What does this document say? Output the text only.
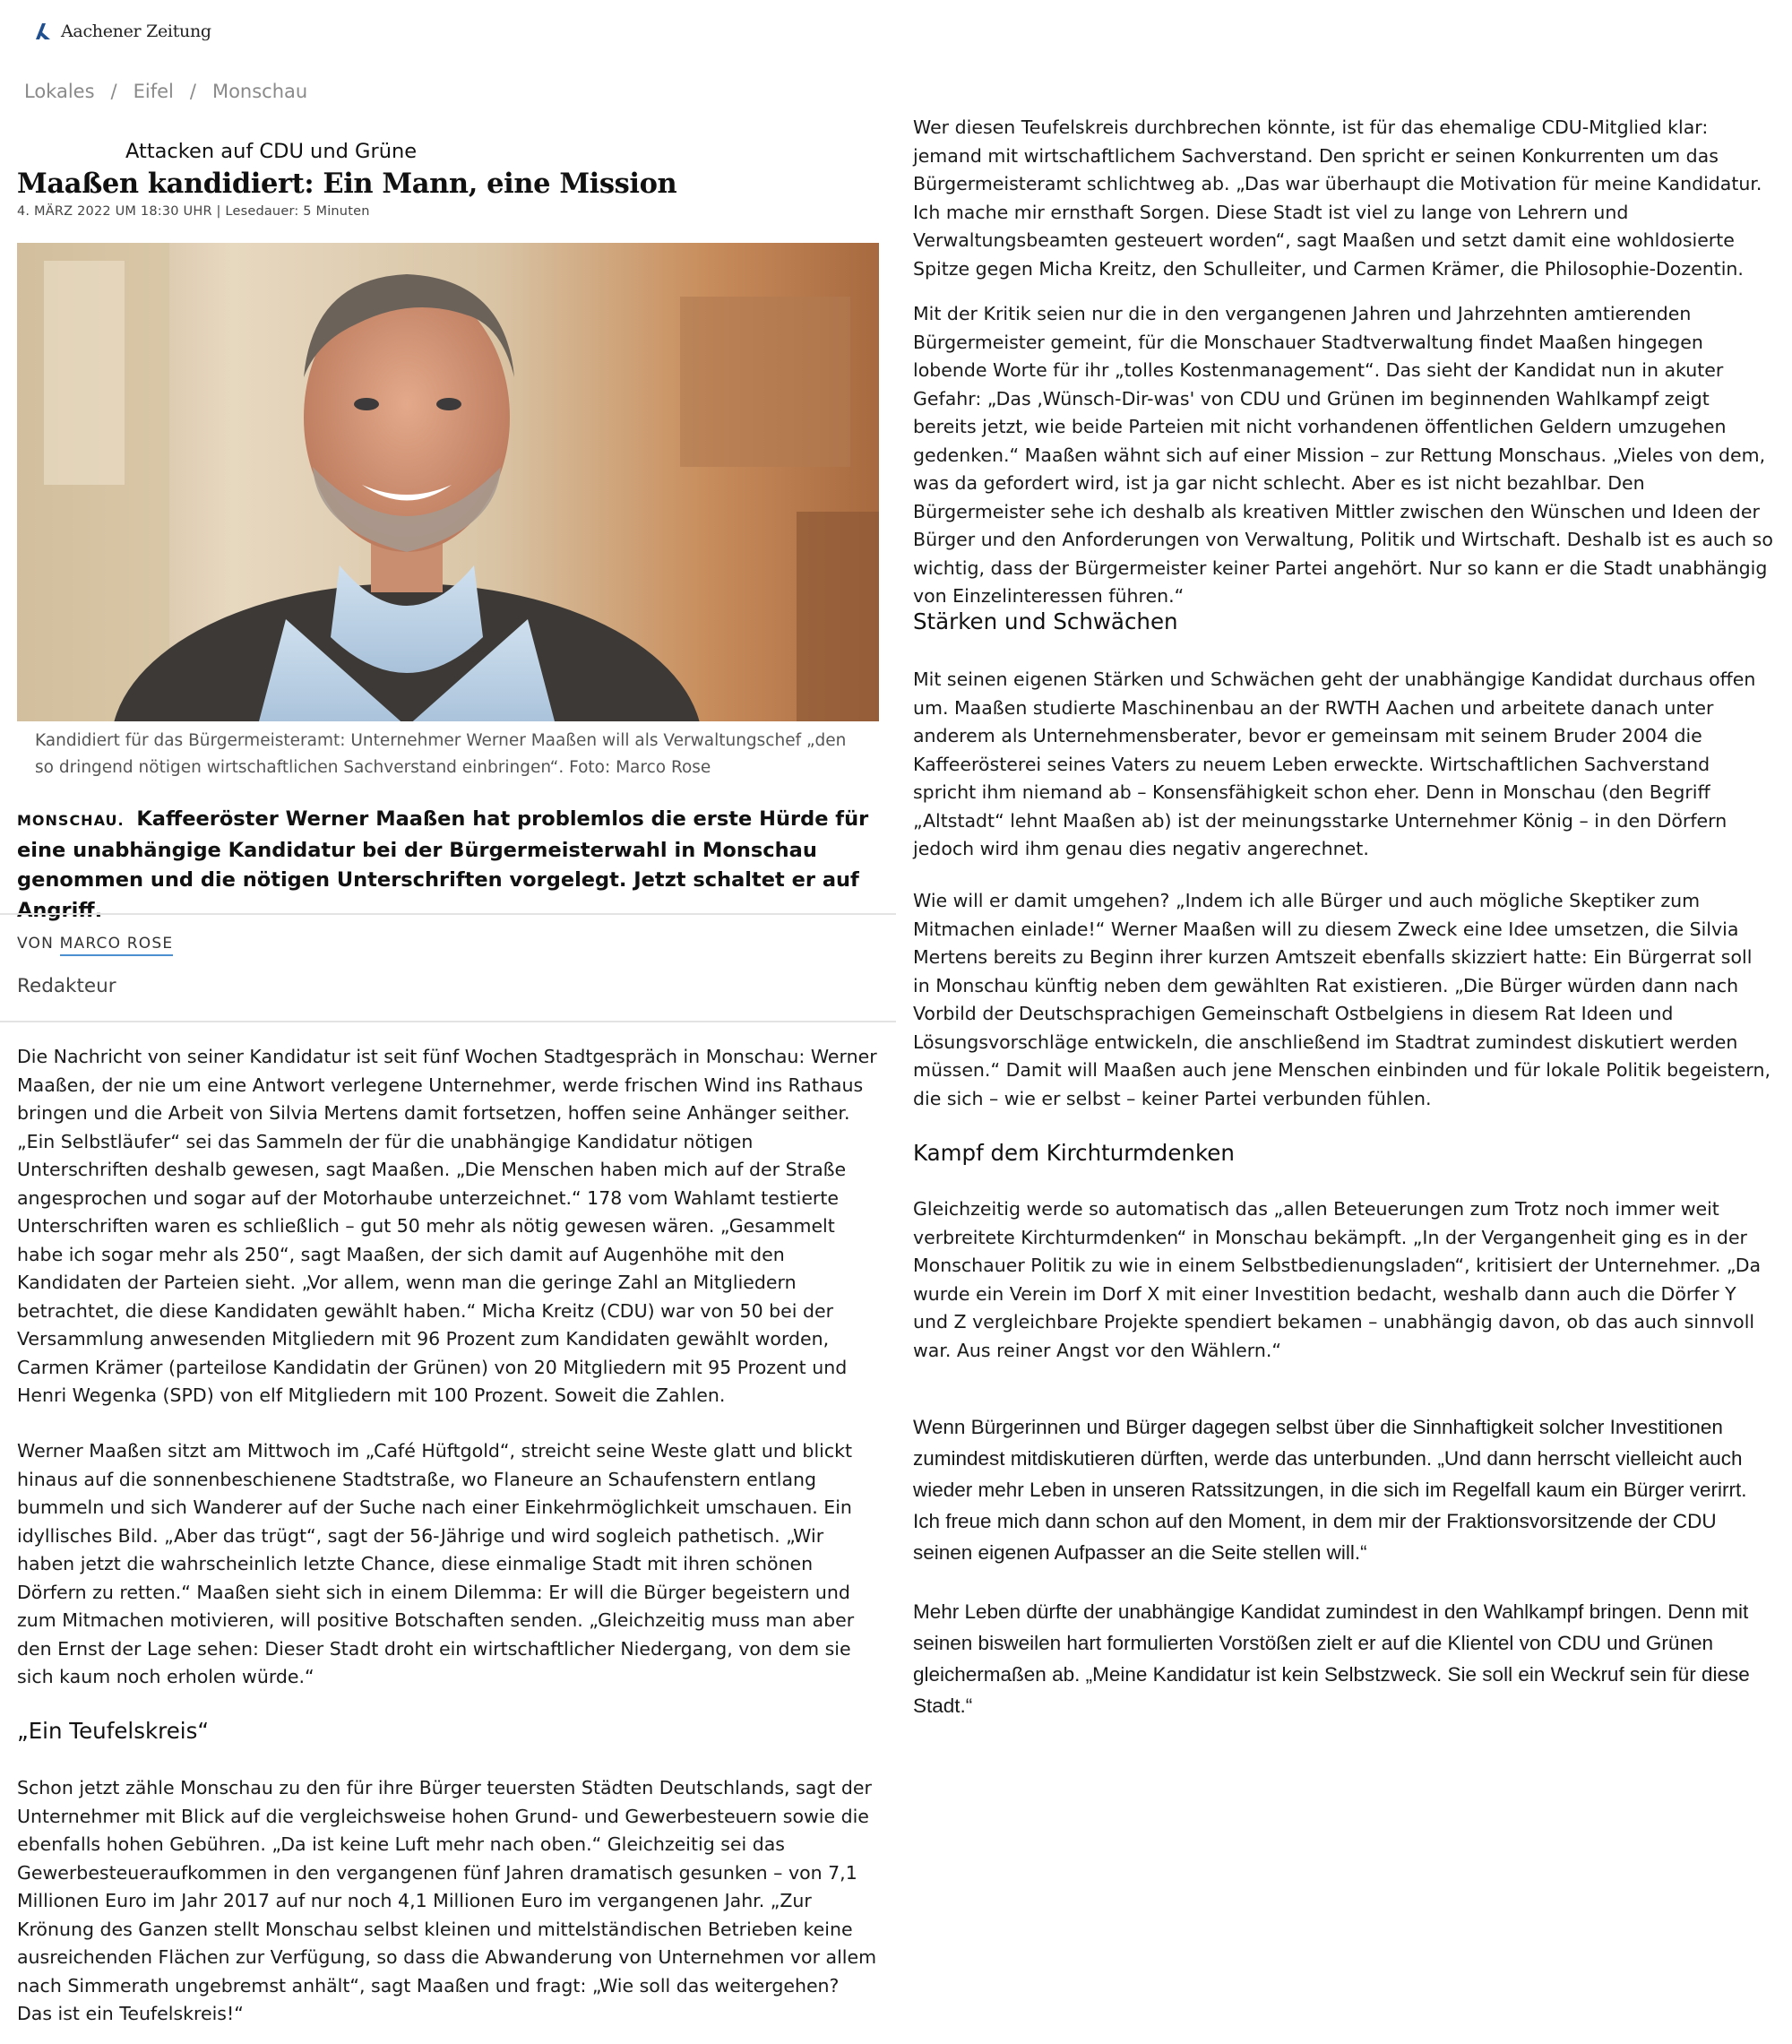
Aachener Zeitung
Lokales / Eifel / Monschau
Attacken auf CDU und Grüne
Maaßen kandidiert: Ein Mann, eine Mission
4. MÄRZ 2022 UM 18:30 UHR | Lesedauer: 5 Minuten
Kandidiert für das Bürgermeisteramt: Unternehmer Werner Maaßen will als Verwaltungschef „den so dringend nötigen wirtschaftlichen Sachverstand einbringen“. Foto: Marco Rose
MONSCHAU. Kaffeeröster Werner Maaßen hat problemlos die erste Hürde für eine unabhängige Kandidatur bei der Bürgermeisterwahl in Monschau genommen und die nötigen Unterschriften vorgelegt. Jetzt schaltet er auf Angriff.
VON MARCO ROSE
Redakteur

Die Nachricht von seiner Kandidatur ist seit fünf Wochen Stadtgespräch in Monschau: Werner Maaßen, der nie um eine Antwort verlegene Unternehmer, werde frischen Wind ins Rathaus bringen und die Arbeit von Silvia Mertens damit fortsetzen, hoffen seine Anhänger seither. „Ein Selbstläufer“ sei das Sammeln der für die unabhängige Kandidatur nötigen Unterschriften deshalb gewesen, sagt Maaßen. „Die Menschen haben mich auf der Straße angesprochen und sogar auf der Motorhaube unterzeichnet.“ 178 vom Wahlamt testierte Unterschriften waren es schließlich – gut 50 mehr als nötig gewesen wären. „Gesammelt habe ich sogar mehr als 250“, sagt Maaßen, der sich damit auf Augenhöhe mit den Kandidaten der Parteien sieht. „Vor allem, wenn man die geringe Zahl an Mitgliedern betrachtet, die diese Kandidaten gewählt haben.“ Micha Kreitz (CDU) war von 50 bei der Versammlung anwesenden Mitgliedern mit 96 Prozent zum Kandidaten gewählt worden, Carmen Krämer (parteilose Kandidatin der Grünen) von 20 Mitgliedern mit 95 Prozent und Henri Wegenka (SPD) von elf Mitgliedern mit 100 Prozent. Soweit die Zahlen.

Werner Maaßen sitzt am Mittwoch im „Café Hüftgold“, streicht seine Weste glatt und blickt hinaus auf die sonnenbeschienene Stadtstraße, wo Flaneure an Schaufenstern entlang bummeln und sich Wanderer auf der Suche nach einer Einkehrmöglichkeit umschauen. Ein idyllisches Bild. „Aber das trügt“, sagt der 56-Jährige und wird sogleich pathetisch. „Wir haben jetzt die wahrscheinlich letzte Chance, diese einmalige Stadt mit ihren schönen Dörfern zu retten.“ Maaßen sieht sich in einem Dilemma: Er will die Bürger begeistern und zum Mitmachen motivieren, will positive Botschaften senden. „Gleichzeitig muss man aber den Ernst der Lage sehen: Dieser Stadt droht ein wirtschaftlicher Niedergang, von dem sie sich kaum noch erholen würde.“

„Ein Teufelskreis“

Schon jetzt zähle Monschau zu den für ihre Bürger teuersten Städten Deutschlands, sagt der Unternehmer mit Blick auf die vergleichsweise hohen Grund- und Gewerbesteuern sowie die ebenfalls hohen Gebühren. „Da ist keine Luft mehr nach oben.“ Gleichzeitig sei das Gewerbesteueraufkommen in den vergangenen fünf Jahren dramatisch gesunken – von 7,1 Millionen Euro im Jahr 2017 auf nur noch 4,1 Millionen Euro im vergangenen Jahr. „Zur Krönung des Ganzen stellt Monschau selbst kleinen und mittelständischen Betrieben keine ausreichenden Flächen zur Verfügung, so dass die Abwanderung von Unternehmen vor allem nach Simmerath ungebremst anhält“, sagt Maaßen und fragt: „Wie soll das weitergehen? Das ist ein Teufelskreis!“

Wer diesen Teufelskreis durchbrechen könnte, ist für das ehemalige CDU-Mitglied klar: jemand mit wirtschaftlichem Sachverstand. Den spricht er seinen Konkurrenten um das Bürgermeisteramt schlichtweg ab. „Das war überhaupt die Motivation für meine Kandidatur. Ich mache mir ernsthaft Sorgen. Diese Stadt ist viel zu lange von Lehrern und Verwaltungsbeamten gesteuert worden“, sagt Maaßen und setzt damit eine wohldosierte Spitze gegen Micha Kreitz, den Schulleiter, und Carmen Krämer, die Philosophie-Dozentin.

Mit der Kritik seien nur die in den vergangenen Jahren und Jahrzehnten amtierenden Bürgermeister gemeint, für die Monschauer Stadtverwaltung findet Maaßen hingegen lobende Worte für ihr „tolles Kostenmanagement“. Das sieht der Kandidat nun in akuter Gefahr: „Das ‚Wünsch-Dir-was' von CDU und Grünen im beginnenden Wahlkampf zeigt bereits jetzt, wie beide Parteien mit nicht vorhandenen öffentlichen Geldern umzugehen gedenken.“ Maaßen wähnt sich auf einer Mission – zur Rettung Monschaus. „Vieles von dem, was da gefordert wird, ist ja gar nicht schlecht. Aber es ist nicht bezahlbar. Den Bürgermeister sehe ich deshalb als kreativen Mittler zwischen den Wünschen und Ideen der Bürger und den Anforderungen von Verwaltung, Politik und Wirtschaft. Deshalb ist es auch so wichtig, dass der Bürgermeister keiner Partei angehört. Nur so kann er die Stadt unabhängig von Einzelinteressen führen.“

Stärken und Schwächen

Mit seinen eigenen Stärken und Schwächen geht der unabhängige Kandidat durchaus offen um. Maaßen studierte Maschinenbau an der RWTH Aachen und arbeitete danach unter anderem als Unternehmensberater, bevor er gemeinsam mit seinem Bruder 2004 die Kaffeerösterei seines Vaters zu neuem Leben erweckte. Wirtschaftlichen Sachverstand spricht ihm niemand ab – Konsensfähigkeit schon eher. Denn in Monschau (den Begriff „Altstadt“ lehnt Maaßen ab) ist der meinungsstarke Unternehmer König – in den Dörfern jedoch wird ihm genau dies negativ angerechnet.

Wie will er damit umgehen? „Indem ich alle Bürger und auch mögliche Skeptiker zum Mitmachen einlade!“ Werner Maaßen will zu diesem Zweck eine Idee umsetzen, die Silvia Mertens bereits zu Beginn ihrer kurzen Amtszeit ebenfalls skizziert hatte: Ein Bürgerrat soll in Monschau künftig neben dem gewählten Rat existieren. „Die Bürger würden dann nach Vorbild der Deutschsprachigen Gemeinschaft Ostbelgiens in diesem Rat Ideen und Lösungsvorschläge entwickeln, die anschließend im Stadtrat zumindest diskutiert werden müssen.“ Damit will Maaßen auch jene Menschen einbinden und für lokale Politik begeistern, die sich – wie er selbst – keiner Partei verbunden fühlen.

Kampf dem Kirchturmdenken

Gleichzeitig werde so automatisch das „allen Beteuerungen zum Trotz noch immer weit verbreitete Kirchturmdenken“ in Monschau bekämpft. „In der Vergangenheit ging es in der Monschauer Politik zu wie in einem Selbstbedienungsladen“, kritisiert der Unternehmer. „Da wurde ein Verein im Dorf X mit einer Investition bedacht, weshalb dann auch die Dörfer Y und Z vergleichbare Projekte spendiert bekamen – unabhängig davon, ob das auch sinnvoll war. Aus reiner Angst vor den Wählern.“

Wenn Bürgerinnen und Bürger dagegen selbst über die Sinnhaftigkeit solcher Investitionen zumindest mitdiskutieren dürften, werde das unterbunden. „Und dann herrscht vielleicht auch wieder mehr Leben in unseren Ratssitzungen, in die sich im Regelfall kaum ein Bürger verirrt. Ich freue mich dann schon auf den Moment, in dem mir der Fraktionsvorsitzende der CDU seinen eigenen Aufpasser an die Seite stellen will.“

Mehr Leben dürfte der unabhängige Kandidat zumindest in den Wahlkampf bringen. Denn mit seinen bisweilen hart formulierten Vorstößen zielt er auf die Klientel von CDU und Grünen gleichermaßen ab. „Meine Kandidatur ist kein Selbstzweck. Sie soll ein Weckruf sein für diese Stadt.“
